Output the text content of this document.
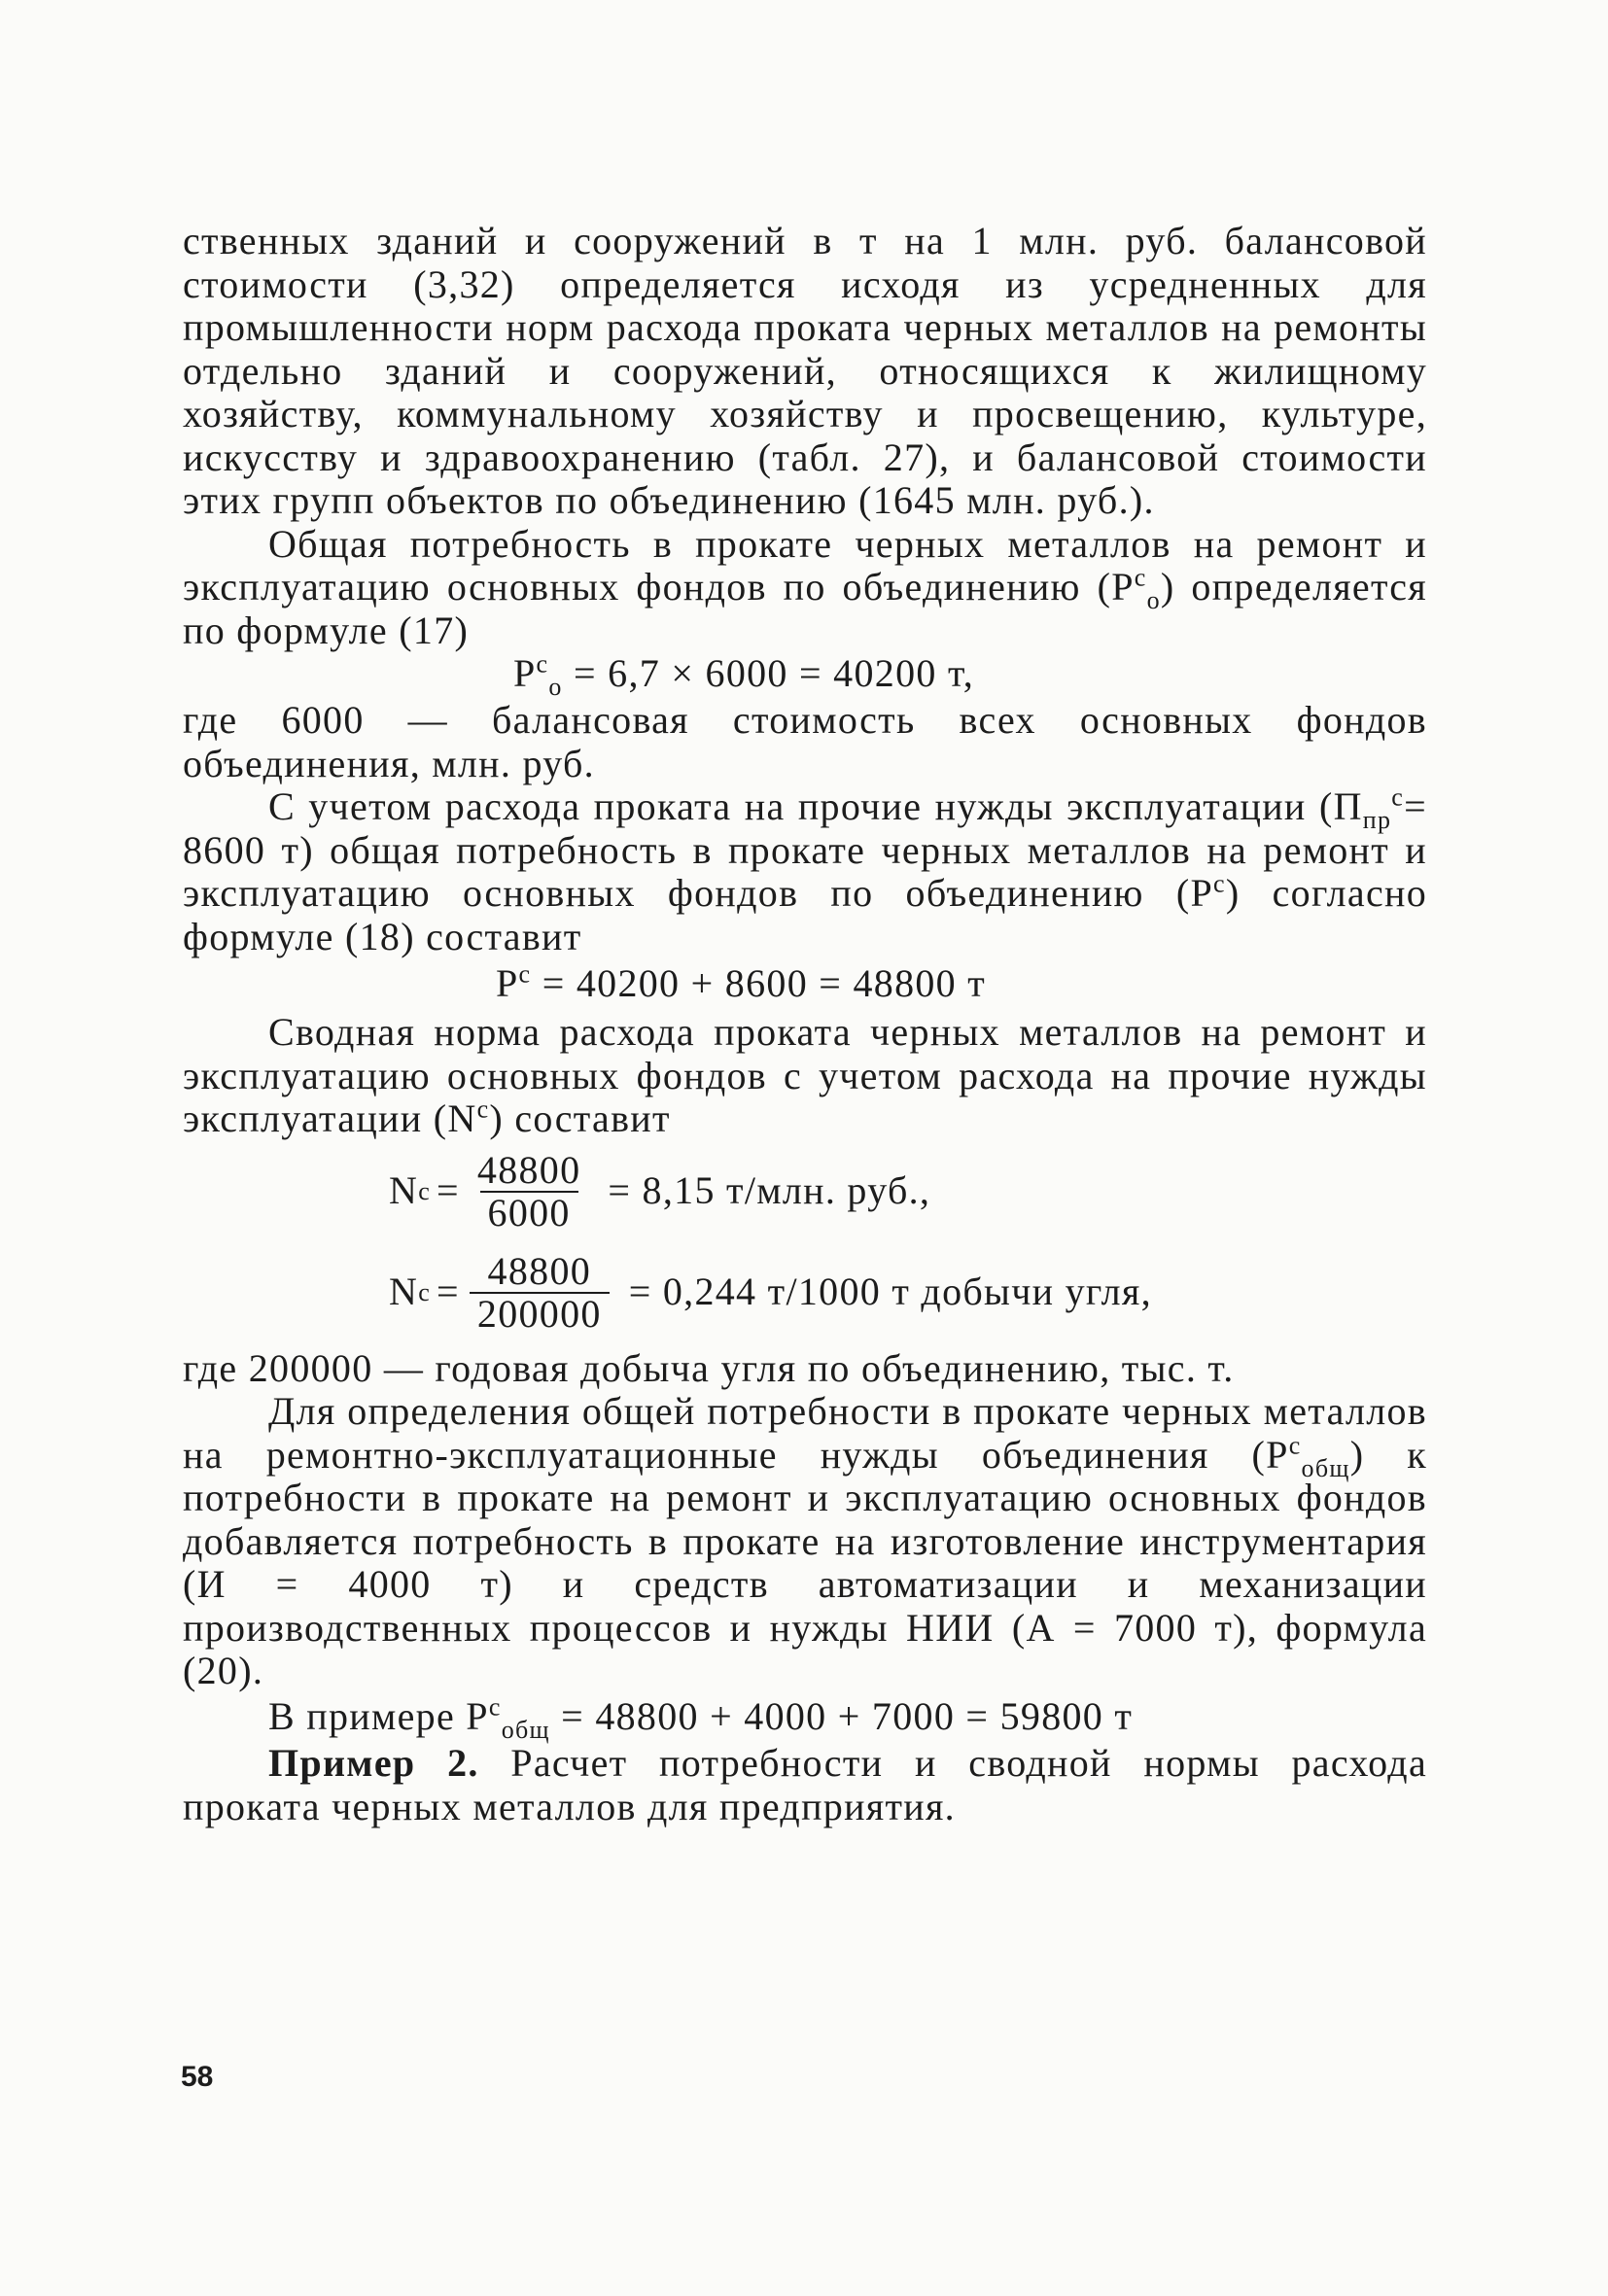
ственных зданий и сооружений в т на 1 млн. руб. балансовой стоимости (3,32) определяется исходя из усредненных для промышленности норм расхода проката черных металлов на ремонты отдельно зданий и сооружений, относящихся к жилищному хозяйству, коммунальному хозяйству и просвещению, культуре, искусству и здравоохранению (табл. 27), и балансовой стоимости этих групп объектов по объединению (1645 млн. руб.).

Общая потребность в прокате черных металлов на ремонт и эксплуатацию основных фондов по объединению $(P^c_o)$ определяется по формуле (17)

$P^c_o = 6,7 \times 6000 = 40200$ т,

где 6000 — балансовая стоимость всех основных фондов объединения, млн. руб.

С учетом расхода проката на прочие нужды эксплуатации ($П_{пр}^с= 8600$ т) общая потребность в прокате черных металлов на ремонт и эксплуатацию основных фондов по объединению $(P^c)$ согласно формуле (18) составит

$P^c = 40200 + 8600 = 48800$ т

Сводная норма расхода проката черных металлов на ремонт и эксплуатацию основных фондов с учетом расхода на прочие нужды эксплуатации $(N^c)$ составит

N $c = \frac{48800}{6000} = 8,15$ т/млн. руб.,
N $c = \frac{48800}{200000} = 0,244$ т/1000 т добычи угля,

где 200000 — годовая добыча угля по объединению, тыс. т.

Для определения общей потребности в прокате черных металлов на ремонтно-эксплуатационные нужды объединения $(P^c_{общ})$ к потребности в прокате на ремонт и эксплуатацию основных фондов добавляется потребность в прокате на изготовление инструментария (И = 4000 т) и средств автоматизации и механизации производственных процессов и нужды НИИ (А = 7000 т), формула (20).

В примере $P^c_{общ} = 48800 + 4000 + 7000 = 59800$ т

Пример 2. Расчет потребности и сводной нормы расхода проката черных металлов для предприятия.

58
